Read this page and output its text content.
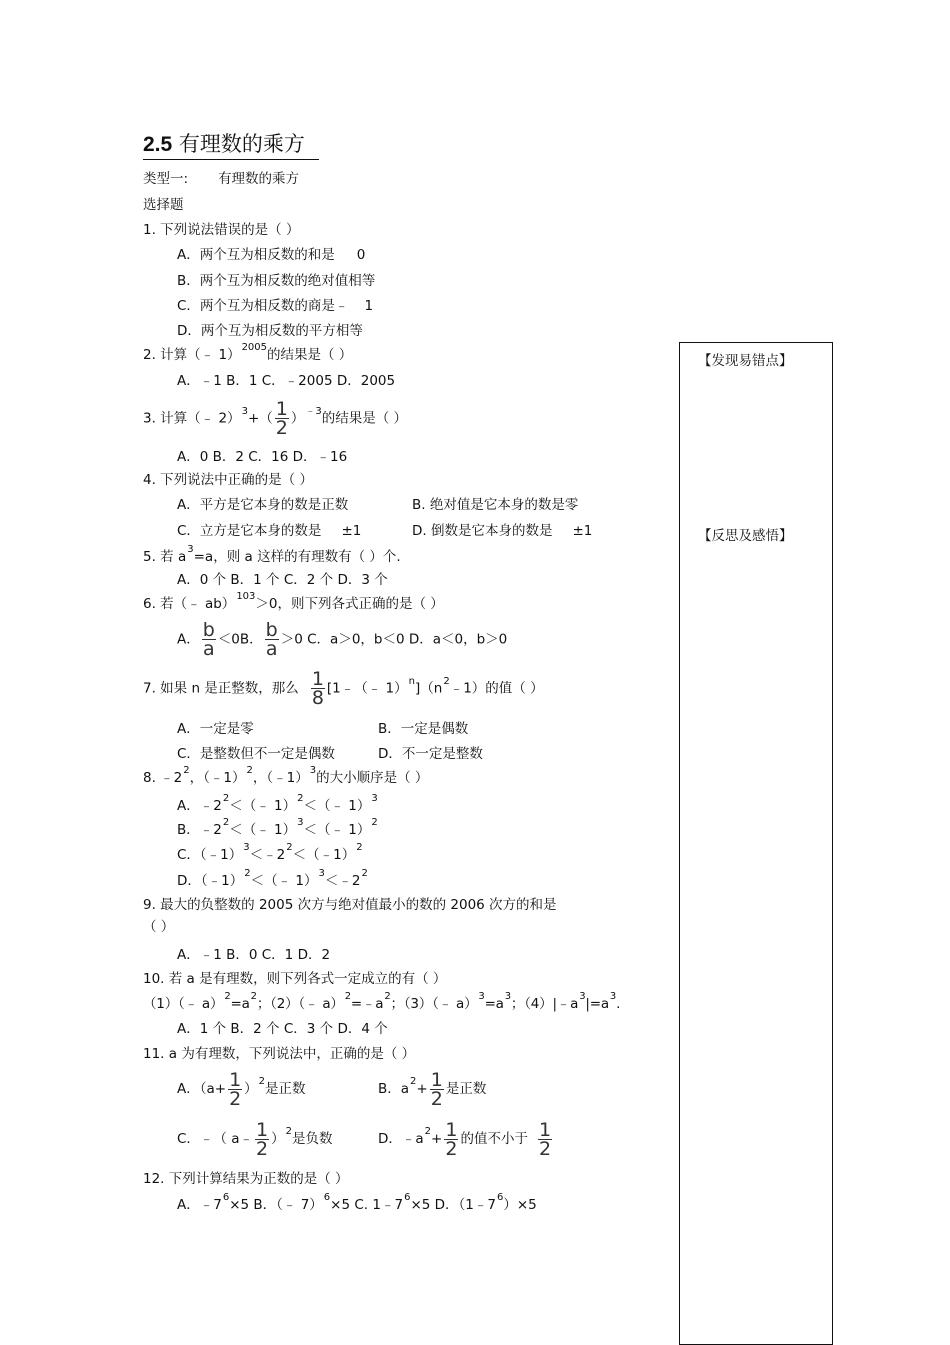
2.5 有理数的乘方
类型一: 有理数的乘方
选择题
1. 下列说法错误的是（ ）
A．两个互为相反数的和是 0
B．两个互为相反数的绝对值相等
C．两个互为相反数的商是﹣ 1
D．两个互为相反数的平方相等
2. 计算（﹣ 1）$^{2005}$的结果是（ ）
A．﹣1 B．1 C．﹣2005 D．2005
3. 计算（﹣ $2)^3+( \frac{1}{2} )^{﹣3}$的结果是（ ）
A．0 B．2 C．16 D．﹣16
4. 下列说法中正确的是（ ）
A．平方是它本身的数是正数	B. 绝对值是它本身的数是零
C．立方是它本身的数是 ±1	D. 倒数是它本身的数是 ±1
5. 若 $a^3=a$，则 a 这样的有理数有（ ）个.
A．0 个 B．1 个 C．2 个 D．3 个
6. 若（﹣ ab）$^{103}$＞0，则下列各式正确的是（ ）
A． $\frac{b}{a} <0B$． $\frac{b}{a} >0$ C．a＞0，b＜0 D．a＜0，b＞0
7. 如果 n 是正整数，那么 $\frac{1}{8}$ [1﹣（﹣ $1)^n](n^2﹣1)$的值（ ）
A．一定是零	B．一定是偶数
C．是整数但不一定是偶数	D．不一定是整数
8. $﹣2^2$，（﹣1）$^2$，（﹣1）$^3$的大小顺序是（ ）
A．$﹣2^2<(﹣$ 1）$^2$＜（﹣ 1）$^3$
B．$﹣2^2<(﹣$ 1）$^3$＜（﹣ 1）$^2$
C．$(﹣1)^3<﹣2^2<(﹣1)^2$
D．（﹣1）$^2$＜（﹣ $1)^3<﹣2^2$
9. 最大的负整数的 2005 次方与绝对值最小的数的 2006 次方的和是
（ ）
A．﹣1 B．0 C．1 D．2
10. 若 a 是有理数，则下列各式一定成立的有（ ）
（1）（﹣ $a)^2=a^2$；（2）（﹣ $a)^2=﹣a^2$；（3）（﹣ $a)^3=a^3$；$(4)|﹣a^3|=a^3$.
A．1 个 B．2 个 C．3 个 D．4 个
11. a 为有理数，下列说法中，正确的是（ ）
A．$(a+ \frac{1}{2} )^2$是正数	B．$a^2+ \frac{1}{2}$ 是正数
C．﹣（ a﹣ $\frac{1}{2} )^2$是负数	D．$﹣a^2+ \frac{1}{2}$ 的值不小于 $\frac{1}{2}$
12. 下列计算结果为正数的是（ ）
A．$﹣7^6\times 5$ B．（﹣ 7）$^6$×5 C. $1﹣7^6\times 5$ D．$(1﹣7^6)\times 5$
【发现易错点】
【反思及感悟】
